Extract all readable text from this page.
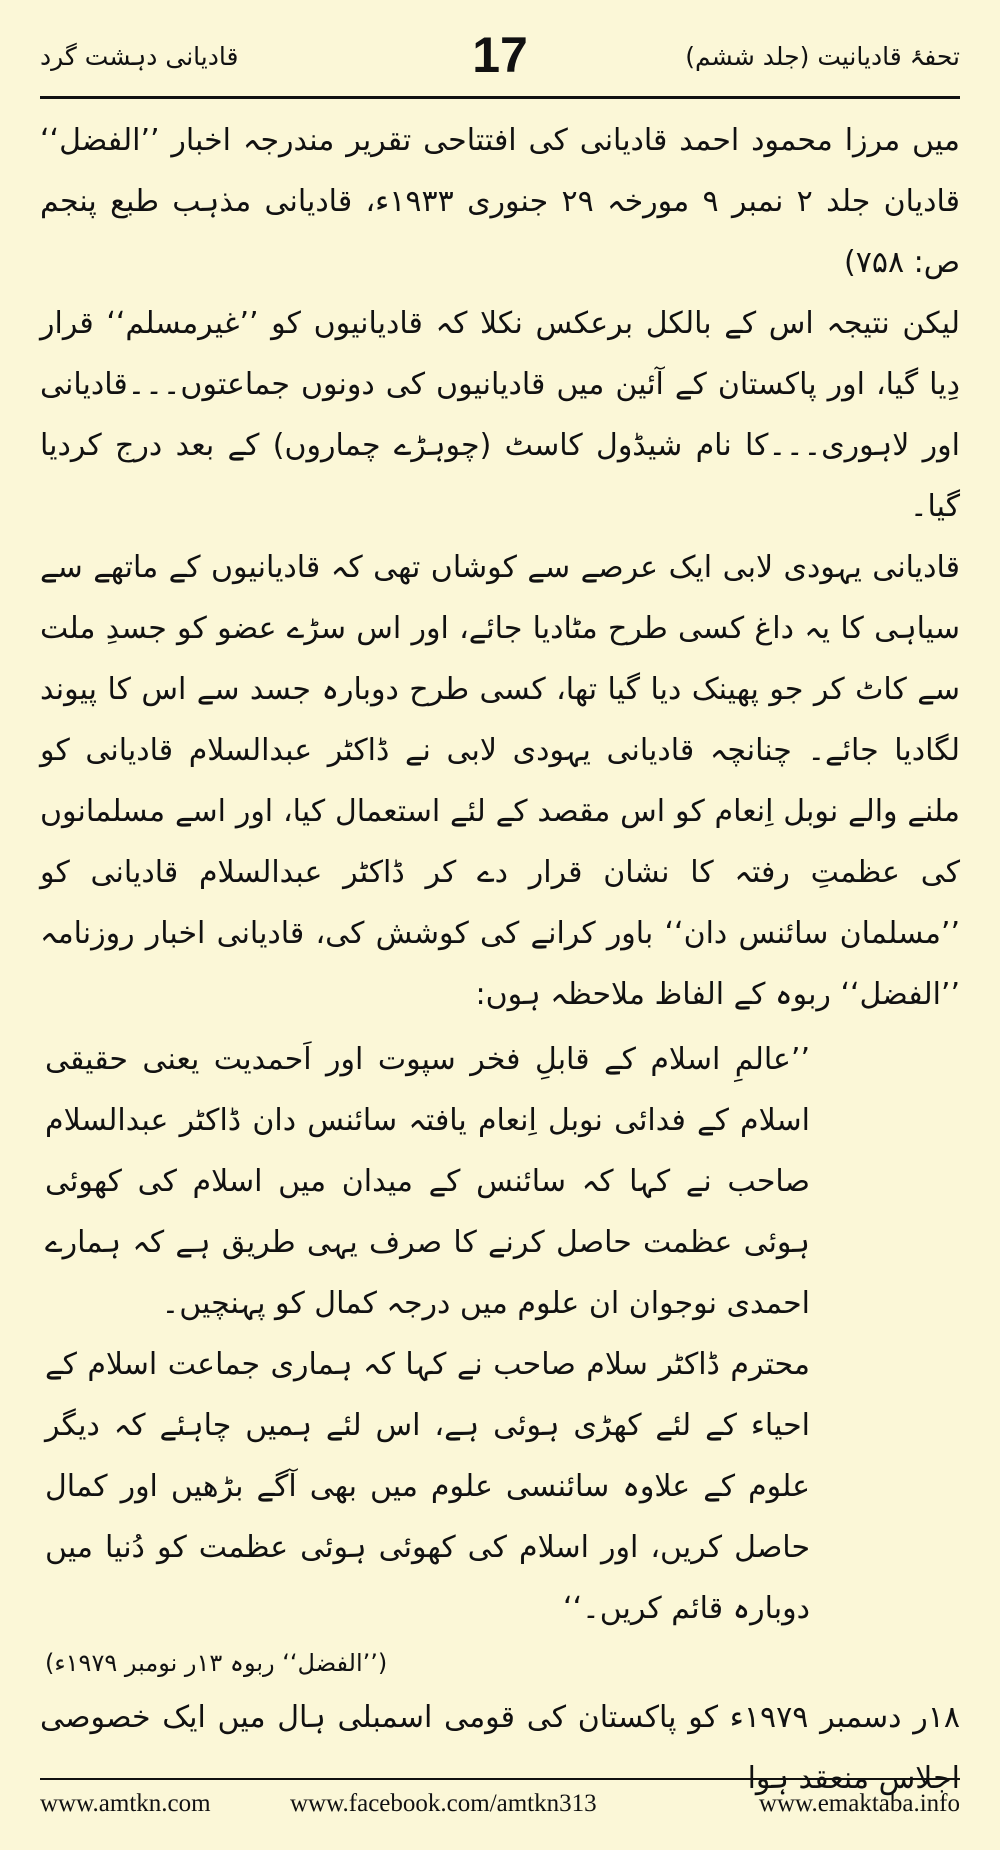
تحفۂ قادیانیت (جلد ششم)
17
قادیانی دہشت گرد

میں مرزا محمود احمد قادیانی کی افتتاحی تقریر مندرجہ اخبار ’’الفضل‘‘ قادیان جلد ۲ نمبر ۹ مورخہ ۲۹ جنوری ۱۹۳۳ء، قادیانی مذہب طبع پنجم ص: ۷۵۸)

لیکن نتیجہ اس کے بالکل برعکس نکلا کہ قادیانیوں کو ’’غیرمسلم‘‘ قرار دِیا گیا، اور پاکستان کے آئین میں قادیانیوں کی دونوں جماعتوں۔۔۔قادیانی اور لاہوری۔۔۔کا نام شیڈول کاسٹ (چوہڑے چماروں) کے بعد درج کردیا گیا۔

قادیانی یہودی لابی ایک عرصے سے کوشاں تھی کہ قادیانیوں کے ماتھے سے سیاہی کا یہ داغ کسی طرح مٹادیا جائے، اور اس سڑے عضو کو جسدِ ملت سے کاٹ کر جو پھینک دیا گیا تھا، کسی طرح دوبارہ جسد سے اس کا پیوند لگادیا جائے۔ چنانچہ قادیانی یہودی لابی نے ڈاکٹر عبدالسلام قادیانی کو ملنے والے نوبل اِنعام کو اس مقصد کے لئے استعمال کیا، اور اسے مسلمانوں کی عظمتِ رفتہ کا نشان قرار دے کر ڈاکٹر عبدالسلام قادیانی کو ’’مسلمان سائنس دان‘‘ باور کرانے کی کوشش کی، قادیانی اخبار روزنامہ ’’الفضل‘‘ ربوہ کے الفاظ ملاحظہ ہوں:

’’عالمِ اسلام کے قابلِ فخر سپوت اور اَحمدیت یعنی حقیقی اسلام کے فدائی نوبل اِنعام یافتہ سائنس دان ڈاکٹر عبدالسلام صاحب نے کہا کہ سائنس کے میدان میں اسلام کی کھوئی ہوئی عظمت حاصل کرنے کا صرف یہی طریق ہے کہ ہمارے احمدی نوجوان ان علوم میں درجہ کمال کو پہنچیں۔

محترم ڈاکٹر سلام صاحب نے کہا کہ ہماری جماعت اسلام کے احیاء کے لئے کھڑی ہوئی ہے، اس لئے ہمیں چاہئے کہ دیگر علوم کے علاوہ سائنسی علوم میں بھی آگے بڑھیں اور کمال حاصل کریں، اور اسلام کی کھوئی ہوئی عظمت کو دُنیا میں دوبارہ قائم کریں۔‘‘

(’’الفضل‘‘ ربوہ ۱۳ر نومبر ۱۹۷۹ء)

۱۸ر دسمبر ۱۹۷۹ء کو پاکستان کی قومی اسمبلی ہال میں ایک خصوصی اجلاس منعقد ہوا

www.amtkn.com	www.facebook.com/amtkn313	www.emaktaba.info
